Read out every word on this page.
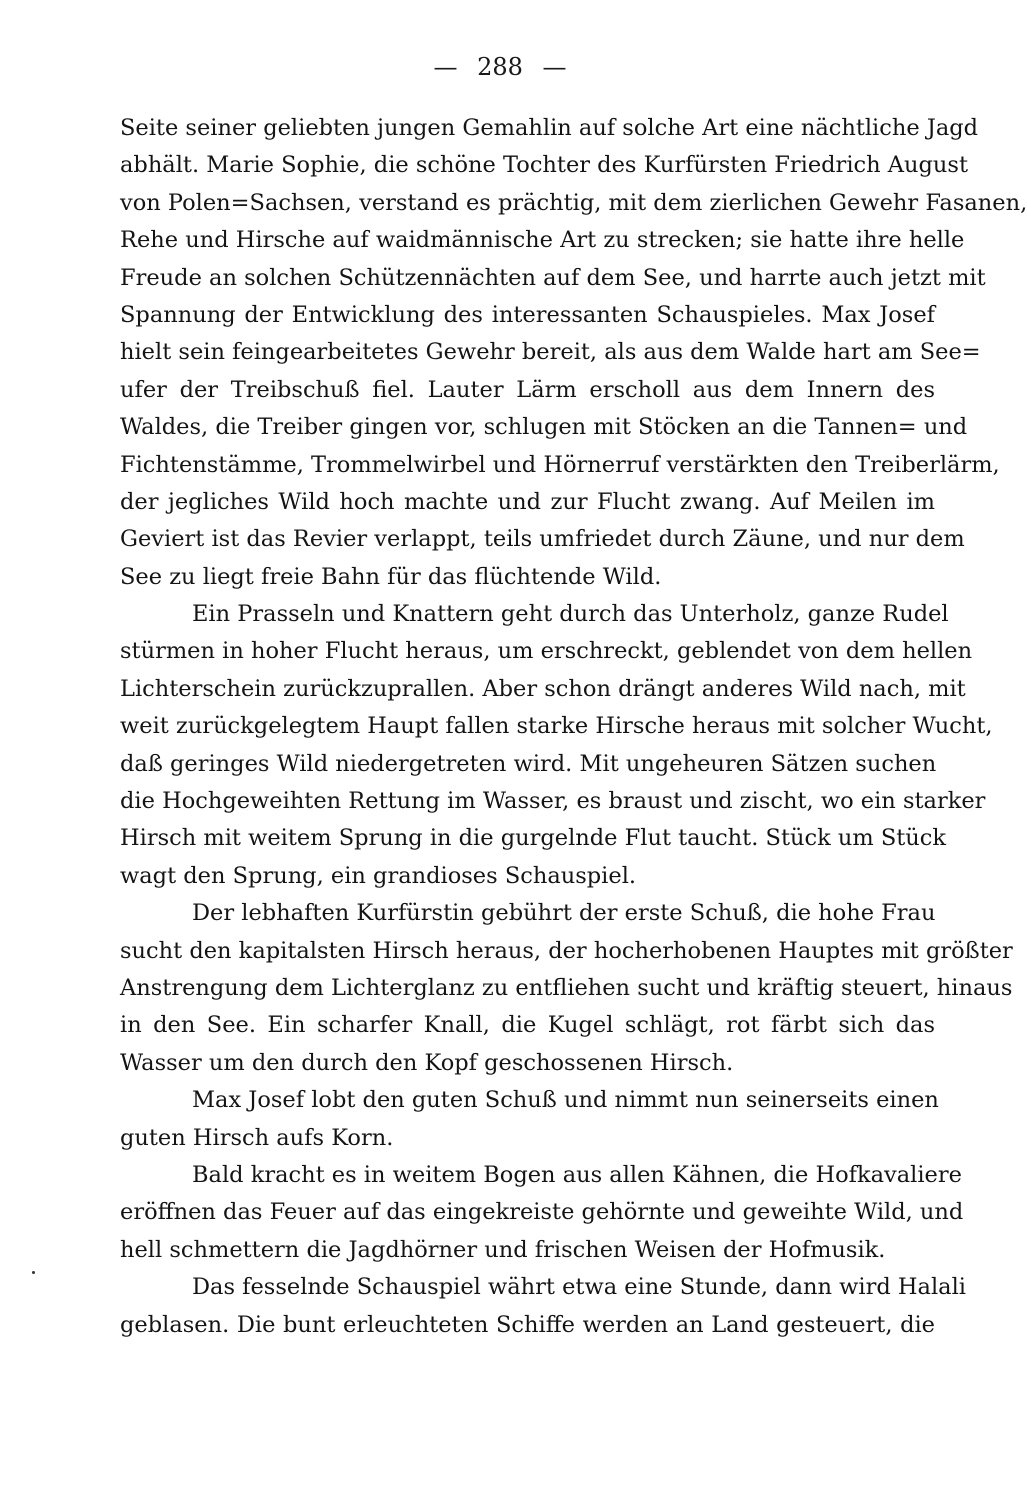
— 288 —
Seite seiner geliebten jungen Gemahlin auf solche Art eine nächtliche Jagd
abhält. Marie Sophie, die schöne Tochter des Kurfürsten Friedrich August
von Polen=Sachsen, verstand es prächtig, mit dem zierlichen Gewehr Fasanen,
Rehe und Hirsche auf waidmännische Art zu strecken; sie hatte ihre helle
Freude an solchen Schützennächten auf dem See, und harrte auch jetzt mit
Spannung der Entwicklung des interessanten Schauspieles. Max Josef
hielt sein feingearbeitetes Gewehr bereit, als aus dem Walde hart am See=
ufer der Treibschuß fiel. Lauter Lärm erscholl aus dem Innern des
Waldes, die Treiber gingen vor, schlugen mit Stöcken an die Tannen= und
Fichtenstämme, Trommelwirbel und Hörnerruf verstärkten den Treiberlärm,
der jegliches Wild hoch machte und zur Flucht zwang. Auf Meilen im
Geviert ist das Revier verlappt, teils umfriedet durch Zäune, und nur dem
See zu liegt freie Bahn für das flüchtende Wild.
Ein Prasseln und Knattern geht durch das Unterholz, ganze Rudel
stürmen in hoher Flucht heraus, um erschreckt, geblendet von dem hellen
Lichterschein zurückzuprallen. Aber schon drängt anderes Wild nach, mit
weit zurückgelegtem Haupt fallen starke Hirsche heraus mit solcher Wucht,
daß geringes Wild niedergetreten wird. Mit ungeheuren Sätzen suchen
die Hochgeweihten Rettung im Wasser, es braust und zischt, wo ein starker
Hirsch mit weitem Sprung in die gurgelnde Flut taucht. Stück um Stück
wagt den Sprung, ein grandioses Schauspiel.
Der lebhaften Kurfürstin gebührt der erste Schuß, die hohe Frau
sucht den kapitalsten Hirsch heraus, der hocherhobenen Hauptes mit größter
Anstrengung dem Lichterglanz zu entfliehen sucht und kräftig steuert, hinaus
in den See. Ein scharfer Knall, die Kugel schlägt, rot färbt sich das
Wasser um den durch den Kopf geschossenen Hirsch.
Max Josef lobt den guten Schuß und nimmt nun seinerseits einen
guten Hirsch aufs Korn.
Bald kracht es in weitem Bogen aus allen Kähnen, die Hofkavaliere
eröffnen das Feuer auf das eingekreiste gehörnte und geweihte Wild, und
hell schmettern die Jagdhörner und frischen Weisen der Hofmusik.
Das fesselnde Schauspiel währt etwa eine Stunde, dann wird Halali
geblasen. Die bunt erleuchteten Schiffe werden an Land gesteuert, die
